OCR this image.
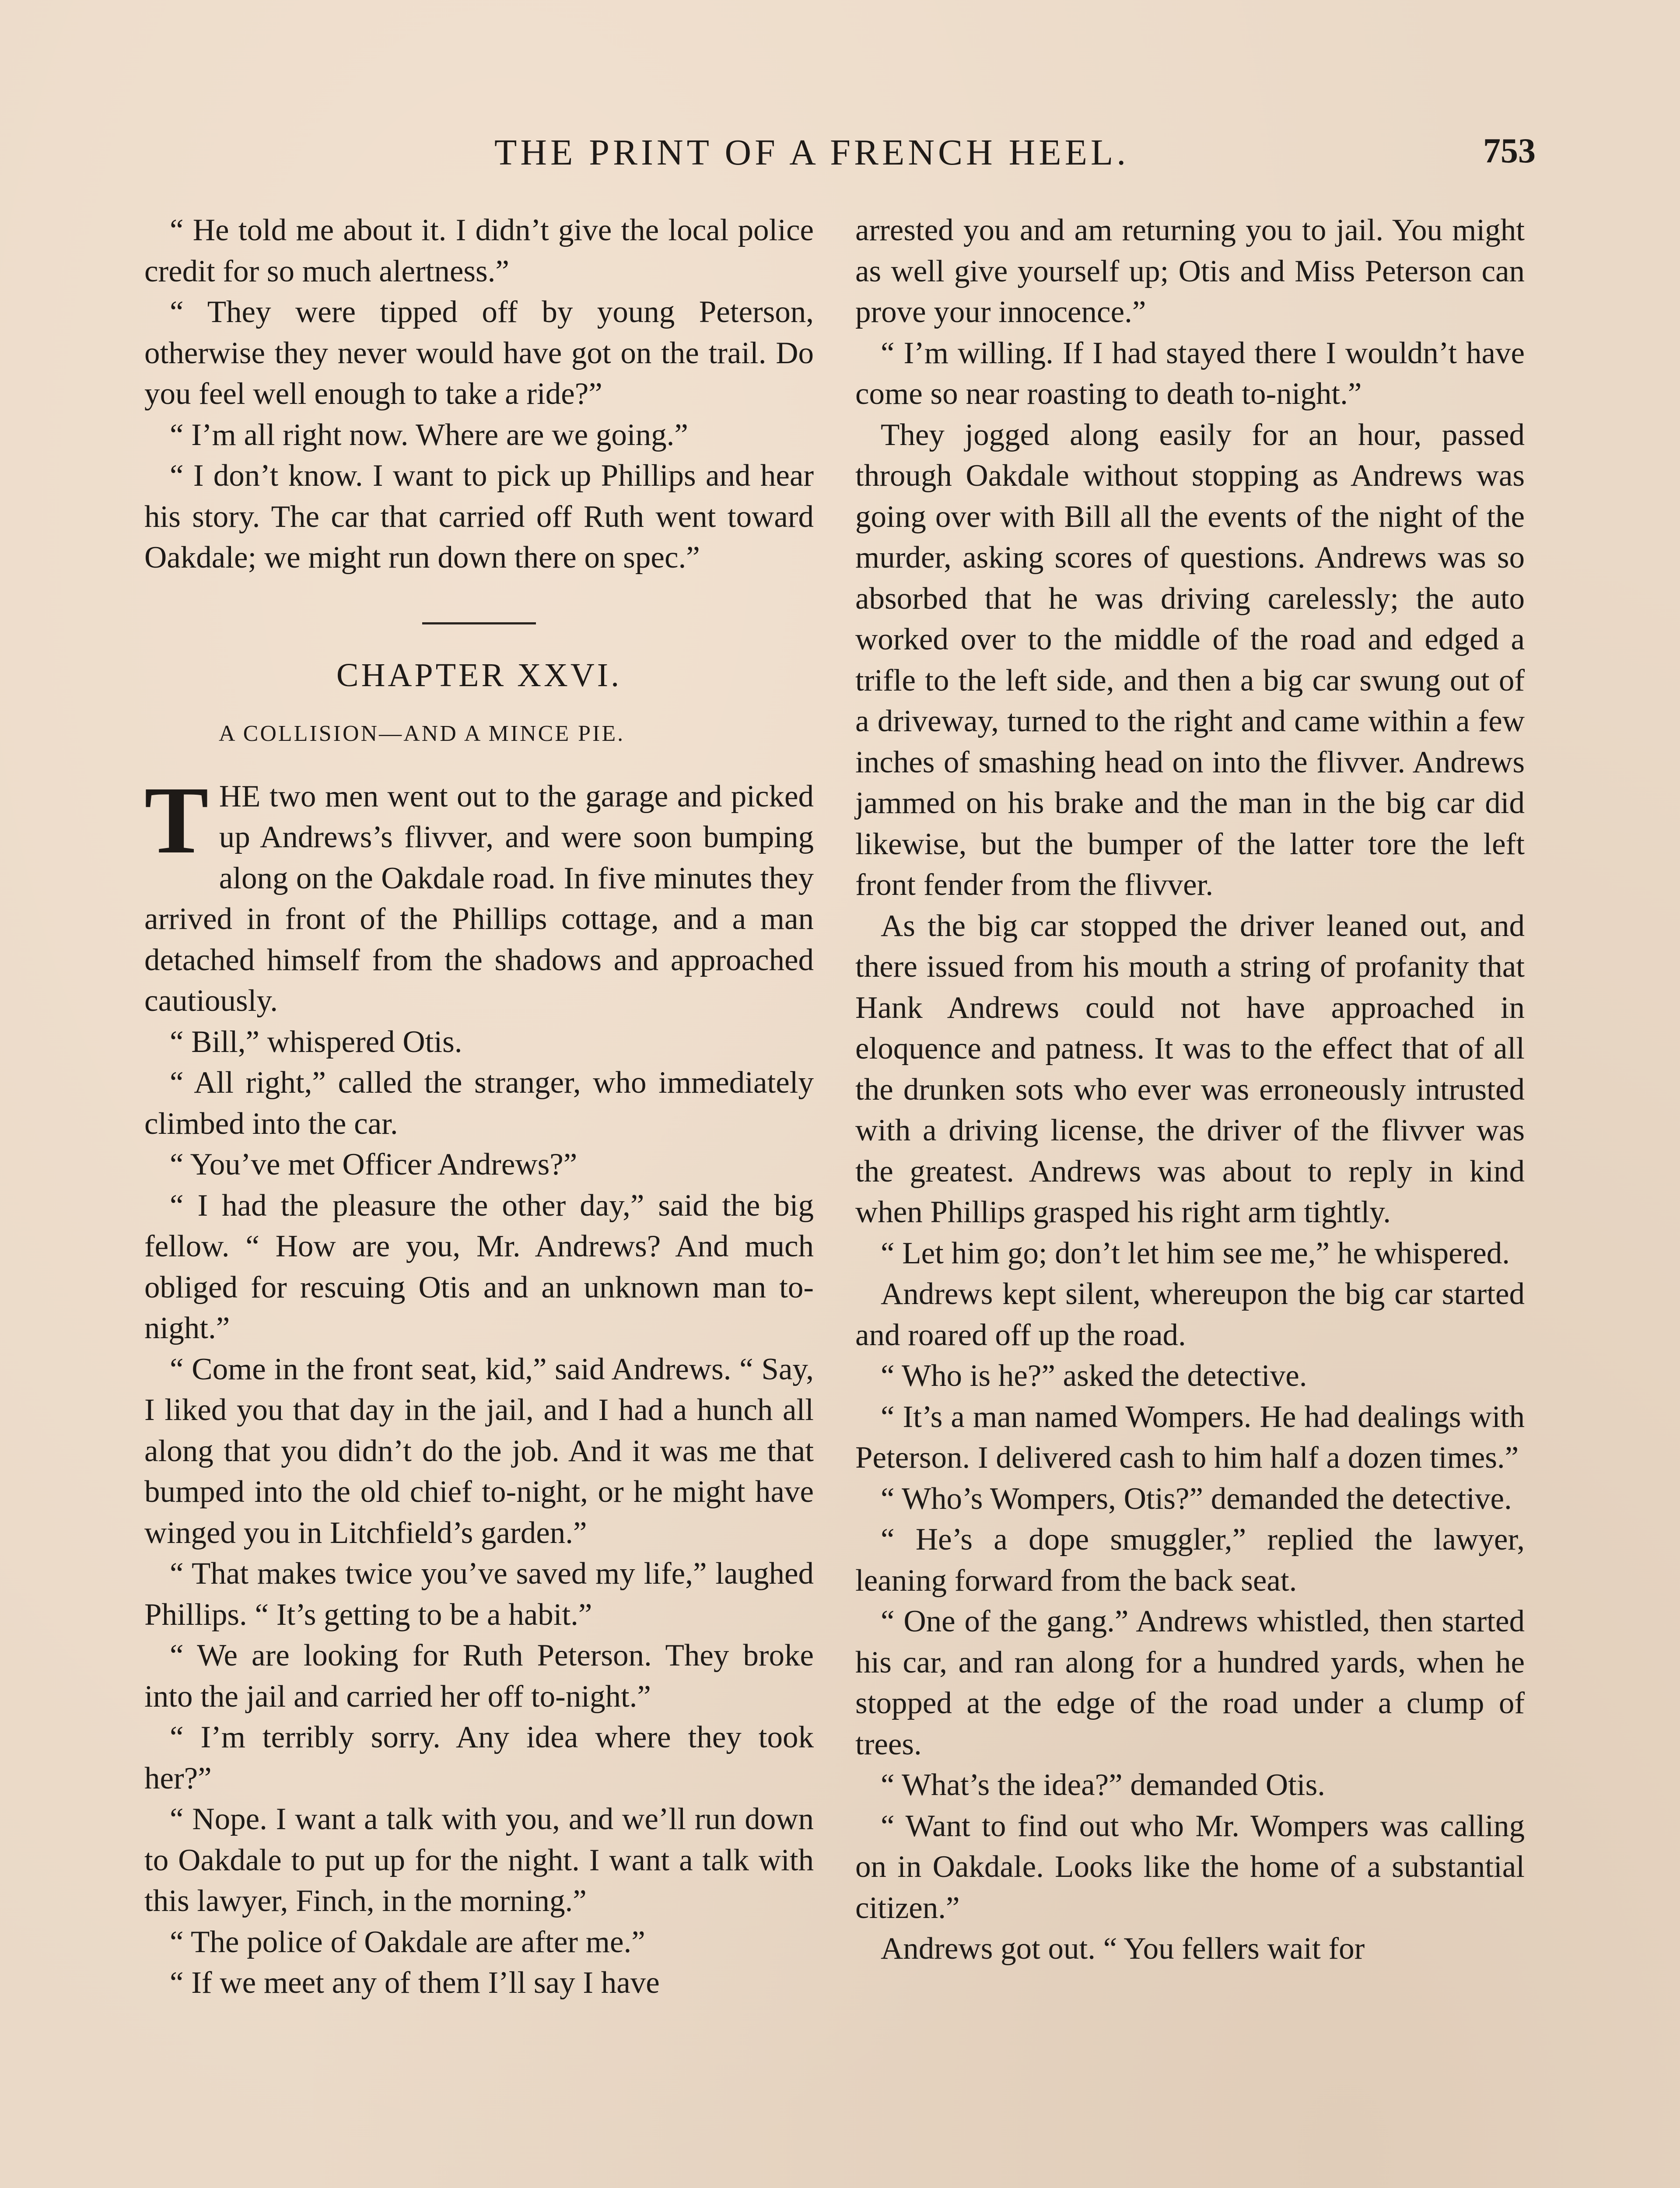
THE PRINT OF A FRENCH HEEL.	753

“ He told me about it. I didn’t give the local police credit for so much alertness.”

“ They were tipped off by young Peterson, otherwise they never would have got on the trail. Do you feel well enough to take a ride?”

“ I’m all right now. Where are we going.”

“ I don’t know. I want to pick up Phillips and hear his story. The car that carried off Ruth went toward Oakdale; we might run down there on spec.”

CHAPTER XXVI.
A COLLISION—AND A MINCE PIE.

THE two men went out to the garage and picked up Andrews’s flivver, and were soon bumping along on the Oakdale road. In five minutes they arrived in front of the Phillips cottage, and a man detached himself from the shadows and approached cautiously.

“ Bill,” whispered Otis.

“ All right,” called the stranger, who immediately climbed into the car.

“ You’ve met Officer Andrews?”

“ I had the pleasure the other day,” said the big fellow. “ How are you, Mr. Andrews? And much obliged for rescuing Otis and an unknown man to-night.”

“ Come in the front seat, kid,” said Andrews. “ Say, I liked you that day in the jail, and I had a hunch all along that you didn’t do the job. And it was me that bumped into the old chief to-night, or he might have winged you in Litchfield’s garden.”

“ That makes twice you’ve saved my life,” laughed Phillips. “ It’s getting to be a habit.”

“ We are looking for Ruth Peterson. They broke into the jail and carried her off to-night.”

“ I’m terribly sorry. Any idea where they took her?”

“ Nope. I want a talk with you, and we’ll run down to Oakdale to put up for the night. I want a talk with this lawyer, Finch, in the morning.”

“ The police of Oakdale are after me.”

“ If we meet any of them I’ll say I have

arrested you and am returning you to jail. You might as well give yourself up; Otis and Miss Peterson can prove your innocence.”

“ I’m willing. If I had stayed there I wouldn’t have come so near roasting to death to-night.”

They jogged along easily for an hour, passed through Oakdale without stopping as Andrews was going over with Bill all the events of the night of the murder, asking scores of questions. Andrews was so absorbed that he was driving carelessly; the auto worked over to the middle of the road and edged a trifle to the left side, and then a big car swung out of a driveway, turned to the right and came within a few inches of smashing head on into the flivver. Andrews jammed on his brake and the man in the big car did likewise, but the bumper of the latter tore the left front fender from the flivver.

As the big car stopped the driver leaned out, and there issued from his mouth a string of profanity that Hank Andrews could not have approached in eloquence and patness. It was to the effect that of all the drunken sots who ever was erroneously intrusted with a driving license, the driver of the flivver was the greatest. Andrews was about to reply in kind when Phillips grasped his right arm tightly.

“ Let him go; don’t let him see me,” he whispered.

Andrews kept silent, whereupon the big car started and roared off up the road.

“ Who is he?” asked the detective.

“ It’s a man named Wompers. He had dealings with Peterson. I delivered cash to him half a dozen times.”

“ Who’s Wompers, Otis?” demanded the detective.

“ He’s a dope smuggler,” replied the lawyer, leaning forward from the back seat.

“ One of the gang.” Andrews whistled, then started his car, and ran along for a hundred yards, when he stopped at the edge of the road under a clump of trees.

“ What’s the idea?” demanded Otis.

“ Want to find out who Mr. Wompers was calling on in Oakdale. Looks like the home of a substantial citizen.”

Andrews got out. “ You fellers wait for
